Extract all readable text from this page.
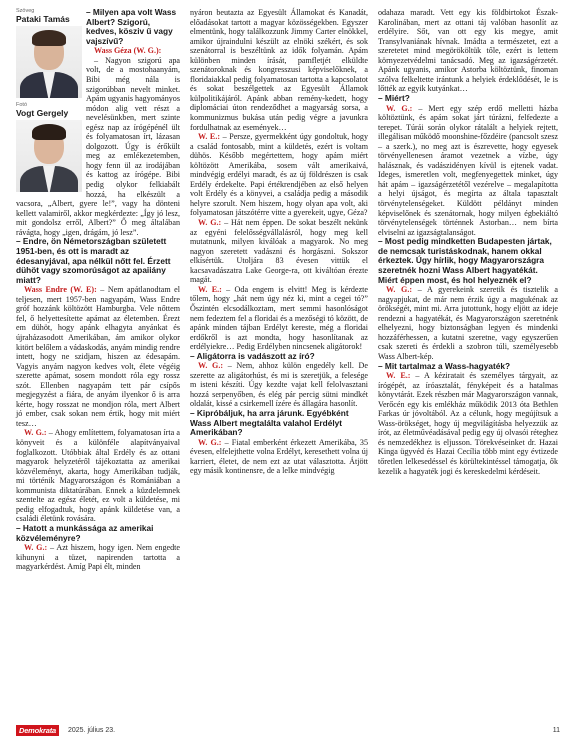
Szöveg
Pataki Tamás
Fotó
Vogt Gergely

– Milyen apa volt Wass Albert? Szigorú, kedves, kösziv ű vagy vajszívű?

Wass Géza (W. G.):

– Nagyon szigorú apa volt, de a mostohaanyám, Bibi még nála is szigorúbban nevelt minket. Apám ugyanis hagyományos módon alig vett részt a nevelésünkben, mert szinte egész nap az írógépénél ült és folyamatosan írt, lázasan dolgozott. Úgy is érőkült meg az emlékezetemben, hogy fenn ül az irodájában és kattog az írógépe. Bibi pedig olykor felkiabált hozzá, ha elkészült a vacsora, „Albert, gyere le!”, vagy ha dönteni kellett valamiről, akkor megkérdezte: „Így jó lesz, mit gondolsz erről, Albert?” Ő meg általában rávágta, hogy „igen, drágám, jó lesz”.

– Endre, ön Németországban született 1951-ben, és ott is maradt az édesanyjával, apa nélkül nőtt fel. Érzett dühöt vagy szomorúságot az apaiiány miatt?

Wass Endre (W. E): – Nem apátlanodtam el teljesen, mert 1957-ben nagyapám, Wass Endre gróf hozzánk költözött Hamburgba. Vele nőttem fel, ő helyettesítette apámat az életemben. Érezt em dühöt, hogy apánk elhagyta anyánkat és újraházasodott Amerikában, ám amikor olykor kitört belőlem a vádaskodás, anyám mindig rendre intett, hogy ne szidjam, hiszen az édesapám. Vagyis anyám nagyon kedves volt, élete végéig szerette apámat, sosem mondott róla egy rossz szót. Ellenben nagyapám tett pár csípős megjegyzést a fiára, de anyám ilyenkor ő is arra kérte, hogy rosszat ne mondjon róla, mert Albert jó ember, csak sokan nem értik, hogy mit miért tesz…

W. G.: – Ahogy említettem, folyamatosan írta a könyveit és a különféle alapítványaival foglalkozott. Utóbbiak által Erdély és az ottani magyarok helyzetéről tájékoztatta az amerikai közvéleményt, akarta, hogy Amerikában tudják, mi történik Magyarországon és Romániában a kommunista diktatúrában. Ennek a küzdelemnek szentelte az egész életét, ez volt a küldetése, mi pedig elfogadtuk, hogy apánk küldetése van, a családi életünk rovására.

– Hatott a munkássága az amerikai közvéleményre?

W. G.: – Azt hiszem, hogy igen. Nem engedte kihunyni a tüzet, napirenden tartotta a magyarkérdést. Amíg Papi élt, minden

nyáron beutazta az Egyesült Államokat és Kanadát, előadásokat tartott a magyar közösségekben. Egyszer elmentünk, hogy találkozzunk Jimmy Carter elnökkel, amikor újraindulni készült az elnöki székért, és sok szenátorral is beszéltünk az idők folyamán. Apám különben minden írását, pamfletjét elküldte szenátoroknak és kongresszusi képviselőknek, a floridaiakkal pedig folyamatosan tartotta a kapcsolatot és sokat beszélgettek az Egyesült Államok külpolitikájáról. Apánk abban remény-kedett, hogy diplomáciai úton rendeződhet a magyarság sorsa, a kommunizmus bukása után pedig végre a javunkra fordulhatnak az események…

W. E.: – Persze, gyermekként úgy gondoltuk, hogy a család fontosabb, mint a küldetés, ezért is voltam dühös. Később megértettem, hogy apám miért költözött Amerikába, sosem vált amerikaivá, mindvégig erdélyi maradt, és az új földrészen is csak Erdély érdekelte. Papi értékrendjében az első helyen volt Erdély és a könyvei, a családja pedig a második helyre szorult. Nem hiszem, hogy olyan apa volt, aki folyamatosan játszótérre vitte a gyerekeit, ugye, Géza?

W. G.: – Hát nem éppen. De sokat beszélt nekünk az egyéni felelősségvállalásról, hogy meg kell mutatnunk, milyen kiválóak a magyarok. No meg nagyon szeretett vadászni és horgászni. Sokszor elkísértük. Utoljára 83 évesen vittük el kacsavadászatra Lake George-ra, ott kiváltóan érezte magát.

W. E.: – Oda engem is elvitt! Meg is kérdezte tőlem, hogy „hát nem úgy néz ki, mint a cegei tó?” Őszintén elcsodálkoztam, mert semmi hasonlóságot nem fedeztem fel a floridai és a mezőségi tó között, de apánk minden tájban Erdélyt kereste, még a floridai erdőkről is azt mondta, hogy hasonlítanak az erdélyiekre… Pedig Erdélyben nincsenek aligátorok!

– Aligátorra is vadászott az író?

W. G.: – Nem, ahhoz külön engedély kell. De szerette az aligátorhúst, és mi is szeretjük, a felesége m isteni készíti. Úgy kezdte vajat kell felolvasztani hozzá serpenyőben, és elég pár percig sütni mindkét oldalát, kissé a csirkemell ízére és állagára hasonlít.

– Kipróbáljuk, ha arra járunk. Egyébként Wass Albert megtalálta valahol Erdélyt Amerikában?

W. G.: – Fiatal emberként érkezett Amerikába, 35 évesen, elfelejthette volna Erdélyt, keresethett volna új karriert, életet, de nem ezt az utat választotta. Átjött egy másik kontinensre, de a lelke mindvégig

odahaza maradt. Vett egy kis földbirtokot Észak-Karolinában, mert az ottani táj valóban hasonlít az erdélyire. Sőt, van ott egy kis megye, amit Transylvaniának hívnak. Imádta a természetet, ezt a szeretetet mind megörököltük tőle, ezért is lettem környezetvédelmi tanácsadó. Meg az igazságérzetét. Apánk ugyanis, amikor Astorba költöztünk, finoman szólva felkeltette irántunk a helyiek érdeklődését, le is lőtték az egyik kutyánkat…

– Miért?

W. G.: – Mert egy szép erdő melletti házba költöztünk, és apám sokat járt túrázni, felfedezte a terepet. Túrái során olykor rátalált a helyiek rejtett, illegálisan működő moonshine-főzdéire (pancsolt szesz – a szerk.), no meg azt is észrevette, hogy egyesek törvényellenesen áramot vezetnek a vízbe, úgy halásznak, és vadászidényen kívül is ejtenek vadat. Ideges, ismeretlen volt, megfenyegettek minket, úgy hát apám – igazságérzetétől vezérelve – megalapította a helyi újságot, és megírta az általa tapasztalt törvénytelenségeket. Küldött példányt minden képviselőnek és szenátornak, hogy milyen égbekiáltó törvénytelenségek történnek Astorban… nem bírta elviselni az igazságtalanságot.

– Most pedig mindketten Budapesten jártak, de nemcsak turistáskodnak, hanem okkal érkeztek. Úgy hírlik, hogy Magyarországra szeretnék hozni Wass Albert hagyatékát. Miért éppen most, és hol helyeznék el?

W. G.: – A gyerekeink szeretik és tisztelik a nagyapjukat, de már nem érzik úgy a magukénak az örökségét, mint mi. Arra jutottunk, hogy eljött az ideje rendezni a hagyatékát, és Magyarországon szeretnénk elhelyezni, hogy biztonságban legyen és mindenki hozzáférhessen, a kutatni szeretne, vagy egyszerűen csak szereti és érdekli a szobron túli, személyesebb Wass Albert-kép.

– Mit tartalmaz a Wass-hagyaték?

W. E.: – A kéziratait és személyes tárgyait, az írógépét, az íróasztalát, fényképeit és a hatalmas könyvtárát. Ezek részben már Magyarországon vannak, Verőcén egy kis emlékház működik 2013 óta Bethlen Farkas úr jóvoltából. Az a célunk, hogy megújítsuk a Wass-örökséget, hogy új megvilágításba helyezzük az írót, az életművéadásával pedig egy új olvasói réteghez és nemzedékhez is eljusson. Törekvéseinket dr. Hazai Kinga ügyvéd és Hazai Cecília több mint egy évtizede tőretlen lelkesedéssel és körültekintéssel támogatja, ők kezelik a hagyaték jogi és kereskedelmi kérdéseit.

Demokrata	2025. július 23.	11
